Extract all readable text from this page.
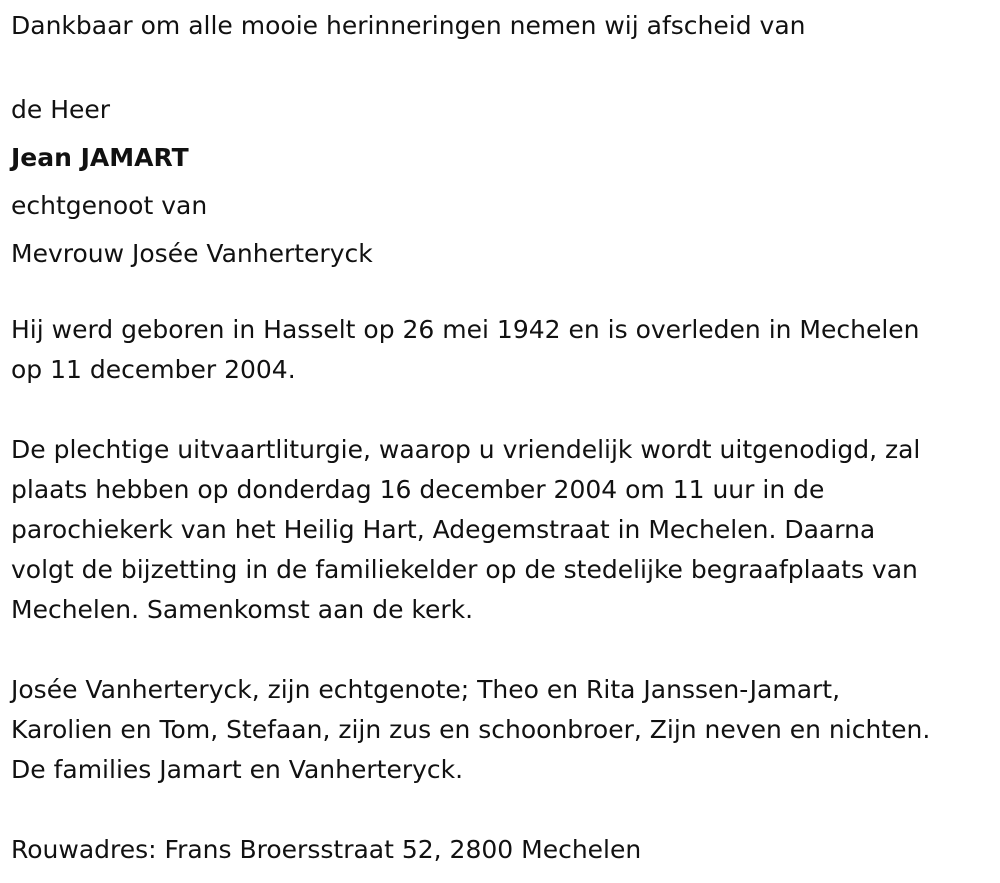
Dankbaar om alle mooie herinneringen nemen wij afscheid van
de Heer
Jean JAMART
echtgenoot van
Mevrouw Josée Vanherteryck
Hij werd geboren in Hasselt op 26 mei 1942 en is overleden in Mechelen
op 11 december 2004.
De plechtige uitvaartliturgie, waarop u vriendelijk wordt uitgenodigd, zal
plaats hebben op donderdag 16 december 2004 om 11 uur in de
parochiekerk van het Heilig Hart, Adegemstraat in Mechelen. Daarna
volgt de bijzetting in de familiekelder op de stedelijke begraafplaats van
Mechelen. Samenkomst aan de kerk.
Josée Vanherteryck, zijn echtgenote; Theo en Rita Janssen-Jamart,
Karolien en Tom, Stefaan, zijn zus en schoonbroer, Zijn neven en nichten.
De families Jamart en Vanherteryck.
Rouwadres: Frans Broersstraat 52, 2800 Mechelen
